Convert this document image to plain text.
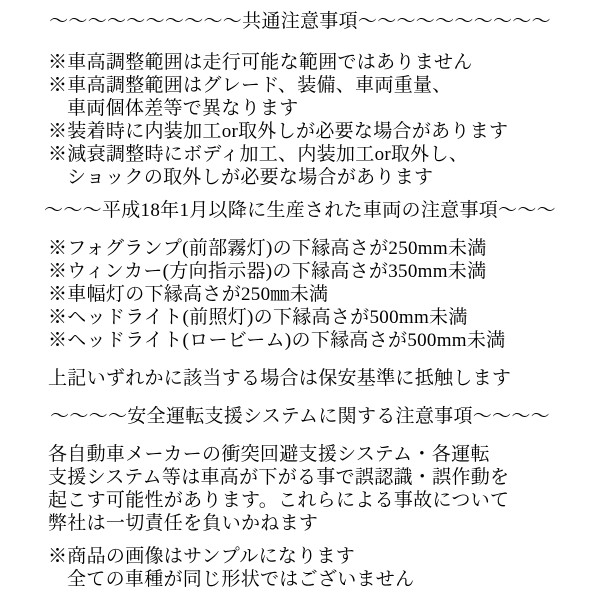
～～～～～～～～～～共通注意事項～～～～～～～～～～
※車高調整範囲は走行可能な範囲ではありません
※車高調整範囲はグレード、装備、車両重量、
車両個体差等で異なります
※装着時に内装加工or取外しが必要な場合があります
※減衰調整時にボディ加工、内装加工or取外し、
ショックの取外しが必要な場合があります
～～～平成18年1月以降に生産された車両の注意事項～～～
※フォグランプ(前部霧灯)の下縁高さが250mm未満
※ウィンカー(方向指示器)の下縁高さが350mm未満
※車幅灯の下縁高さが250㎜未満
※ヘッドライト(前照灯)の下縁高さが500mm未満
※ヘッドライト(ロービーム)の下縁高さが500mm未満
上記いずれかに該当する場合は保安基準に抵触します
～～～～安全運転支援システムに関する注意事項～～～～
各自動車メーカーの衝突回避支援システム・各運転
支援システム等は車高が下がる事で誤認識・誤作動を
起こす可能性があります。これらによる事故について
弊社は一切責任を負いかねます
※商品の画像はサンプルになります
全ての車種が同じ形状ではございません
